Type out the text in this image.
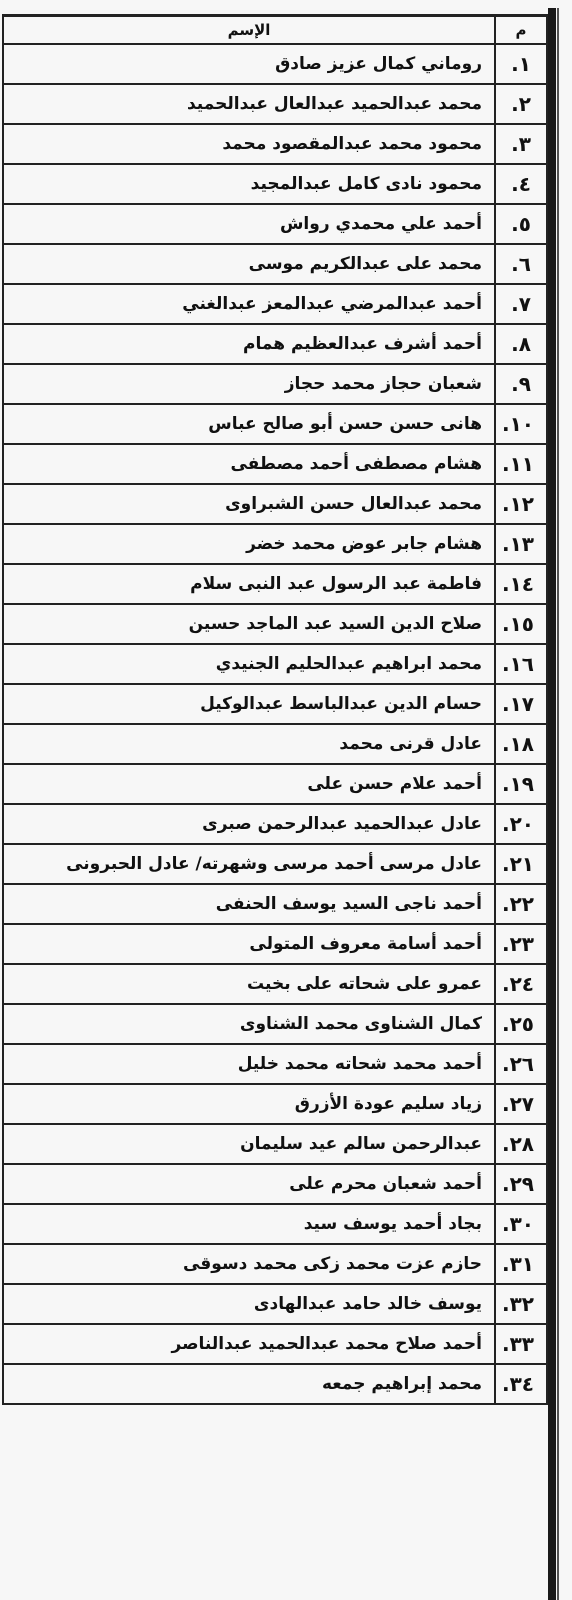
م	الإسم
١.	روماني كمال عزيز صادق
٢.	محمد عبدالحميد عبدالعال عبدالحميد
٣.	محمود محمد عبدالمقصود محمد
٤.	محمود نادى كامل عبدالمجيد
٥.	أحمد علي محمدي رواش
٦.	محمد على عبدالكريم موسى
٧.	أحمد عبدالمرضي عبدالمعز عبدالغني
٨.	أحمد أشرف عبدالعظيم همام
٩.	شعبان حجاز محمد حجاز
١٠.	هانى حسن حسن أبو صالح عباس
١١.	هشام مصطفى أحمد مصطفى
١٢.	محمد عبدالعال حسن الشبراوى
١٣.	هشام جابر عوض محمد خضر
١٤.	فاطمة عبد الرسول عبد النبى سلام
١٥.	صلاح الدين السيد عبد الماجد حسين
١٦.	محمد ابراهيم عبدالحليم الجنيدي
١٧.	حسام الدين عبدالباسط عبدالوكيل
١٨.	عادل قرنى محمد
١٩.	أحمد علام حسن على
٢٠.	عادل عبدالحميد عبدالرحمن صبرى
٢١.	عادل مرسى أحمد مرسى وشهرته/ عادل الحبرونى
٢٢.	أحمد ناجى السيد يوسف الحنفى
٢٣.	أحمد أسامة معروف المتولى
٢٤.	عمرو على شحاته على بخيت
٢٥.	كمال الشناوى محمد الشناوى
٢٦.	أحمد محمد شحاته محمد خليل
٢٧.	زياد سليم عودة الأزرق
٢٨.	عبدالرحمن سالم عيد سليمان
٢٩.	أحمد شعبان محرم على
٣٠.	بجاد أحمد يوسف سيد
٣١.	حازم عزت محمد زكى محمد دسوقى
٣٢.	يوسف خالد حامد عبدالهادى
٣٣.	أحمد صلاح محمد عبدالحميد عبدالناصر
٣٤.	محمد إبراهيم جمعه
